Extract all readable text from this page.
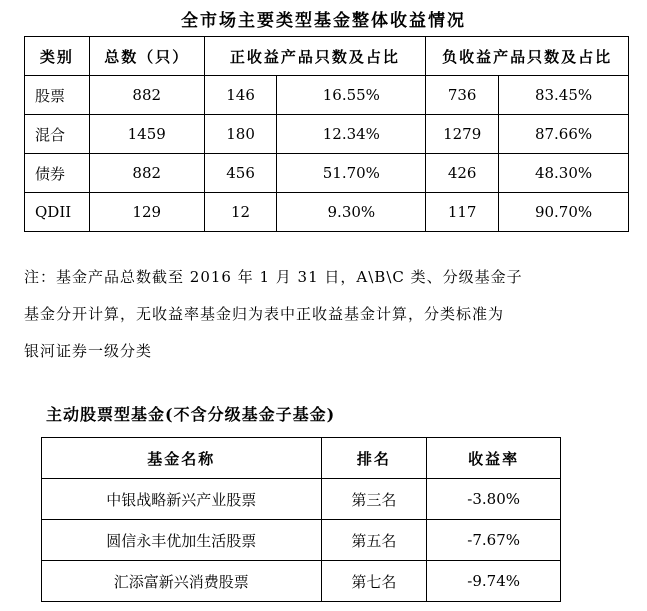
全市场主要类型基金整体收益情况
类别	总数（只）	正收益产品只数及占比		负收益产品只数及占比	
股票	882	146	16.55%	736	83.45%
混合	1459	180	12.34%	1279	87.66%
债券	882	456	51.70%	426	48.30%
QDII	129	12	9.30%	117	90.70%
注：基金产品总数截至 2016 年 1 月 31 日，A\B\C 类、分级基金子
基金分开计算，无收益率基金归为表中正收益基金计算，分类标准为
银河证券一级分类
主动股票型基金(不含分级基金子基金)
基金名称	排名	收益率
中银战略新兴产业股票	第三名	-3.80%
圆信永丰优加生活股票	第五名	-7.67%
汇添富新兴消费股票	第七名	-9.74%
